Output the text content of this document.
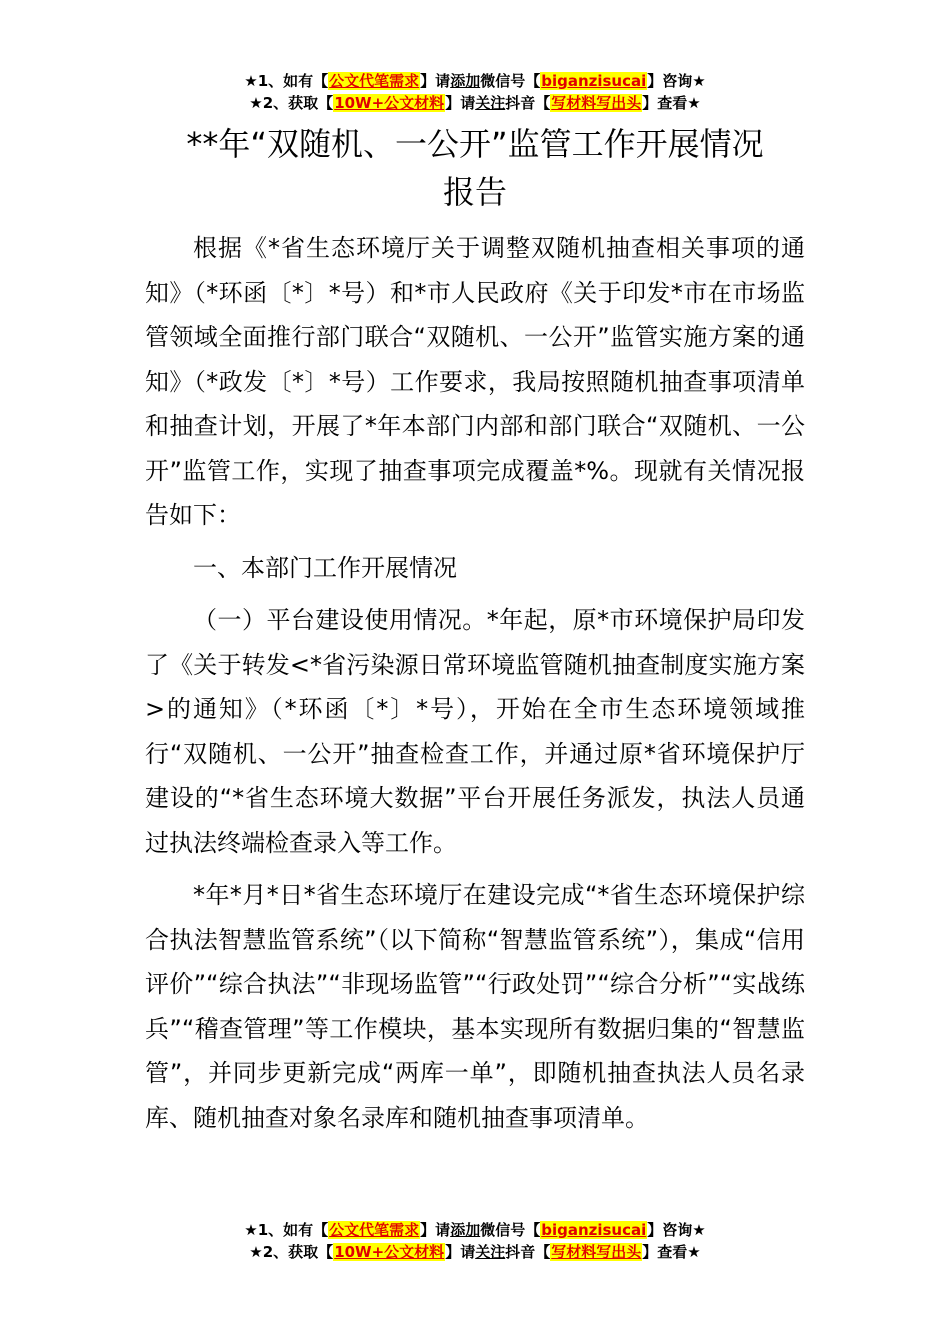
★1、如有【公文代笔需求】请添加微信号【biganzisucai】咨询★
★2、获取【10W+公文材料】请关注抖音【写材料写出头】查看★
**年“双随机、一公开”监管工作开展情况
报告

根据《*省生态环境厅关于调整双随机抽查相关事项的通知》（*环函〔*〕*号）和*市人民政府《关于印发*市在市场监管领域全面推行部门联合“双随机、一公开”监管实施方案的通知》（*政发〔*〕*号）工作要求，我局按照随机抽查事项清单和抽查计划，开展了*年本部门内部和部门联合“双随机、一公开”监管工作，实现了抽查事项完成覆盖*%。现就有关情况报告如下：

一、本部门工作开展情况

（一）平台建设使用情况。*年起，原*市环境保护局印发了《关于转发<*省污染源日常环境监管随机抽查制度实施方案>的通知》（*环函〔*〕*号），开始在全市生态环境领域推行“双随机、一公开”抽查检查工作，并通过原*省环境保护厅建设的“*省生态环境大数据”平台开展任务派发，执法人员通过执法终端检查录入等工作。

*年*月*日*省生态环境厅在建设完成“*省生态环境保护综合执法智慧监管系统”（以下简称“智慧监管系统”），集成“信用评价”“综合执法”“非现场监管”“行政处罚”“综合分析”“实战练兵”“稽查管理”等工作模块，基本实现所有数据归集的“智慧监管”，并同步更新完成“两库一单”，即随机抽查执法人员名录库、随机抽查对象名录库和随机抽查事项清单。

★1、如有【公文代笔需求】请添加微信号【biganzisucai】咨询★
★2、获取【10W+公文材料】请关注抖音【写材料写出头】查看★
